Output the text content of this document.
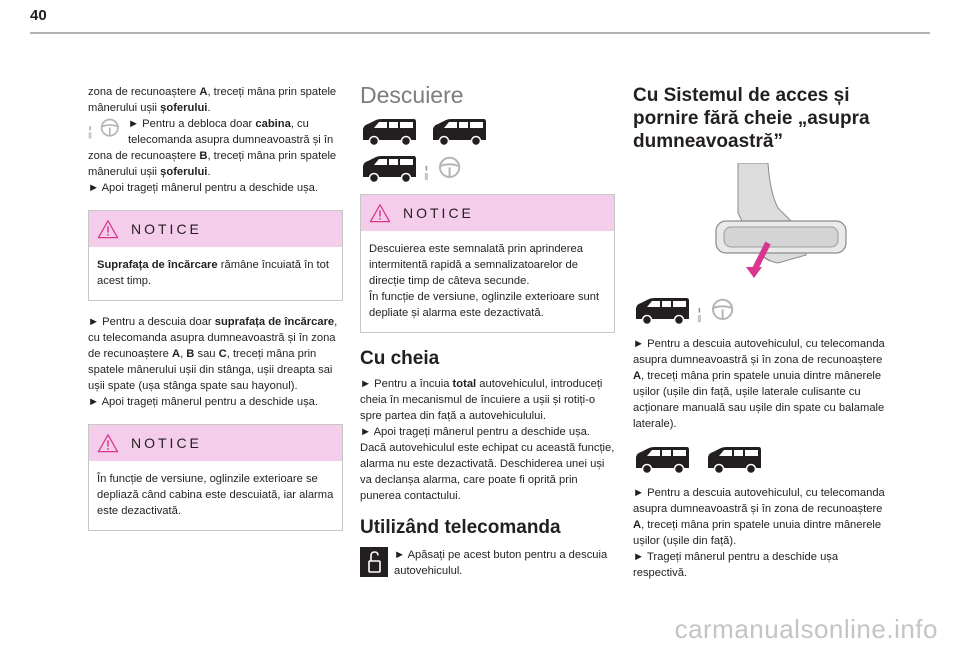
40
zona de recunoaștere A, treceți mâna prin spatele mânerului ușii șoferului.
► Pentru a debloca doar cabina, cu telecomanda asupra dumneavoastră și în
zona de recunoaștere B, treceți mâna prin spatele mânerului ușii șoferului.
► Apoi trageți mânerul pentru a deschide ușa.
NOTICE
Suprafața de încărcare rămâne încuiată în tot acest timp.
► Pentru a descuia doar suprafața de încărcare, cu telecomanda asupra dumneavoastră și în zona de recunoaștere A, B sau C, treceți mâna prin spatele mânerului ușii din stânga, ușii dreapta sai ușii spate (ușa stânga spate sau hayonul).
► Apoi trageți mânerul pentru a deschide ușa.
NOTICE
În funcție de versiune, oglinzile exterioare se depliază când cabina este descuiată, iar alarma este dezactivată.
Descuiere
NOTICE
Descuierea este semnalată prin aprinderea intermitentă rapidă a semnalizatoarelor de direcție timp de câteva secunde.
În funcție de versiune, oglinzile exterioare sunt depliate și alarma este dezactivată.
Cu cheia
► Pentru a încuia total autovehiculul, introduceți cheia în mecanismul de încuiere a ușii și rotiți-o spre partea din față a autovehiculului.
► Apoi trageți mânerul pentru a deschide ușa.
Dacă autovehiculul este echipat cu această funcție, alarma nu este dezactivată. Deschiderea unei uși va declanșa alarma, care poate fi oprită prin punerea contactului.
Utilizând telecomanda
► Apăsați pe acest buton pentru a descuia autovehiculul.
Cu Sistemul de acces și pornire fără cheie „asupra dumneavoastră”
► Pentru a descuia autovehiculul, cu telecomanda asupra dumneavoastră și în zona de recunoaștere A, treceți mâna prin spatele unuia dintre mânerele ușilor (ușile din față, ușile laterale culisante cu acționare manuală sau ușile din spate cu balamale laterale).
► Pentru a descuia autovehiculul, cu telecomanda asupra dumneavoastră și în zona de recunoaștere A, treceți mâna prin spatele unuia dintre mânerele ușilor (ușile din față).
► Trageți mânerul pentru a deschide ușa respectivă.
carmanualsonline.info
